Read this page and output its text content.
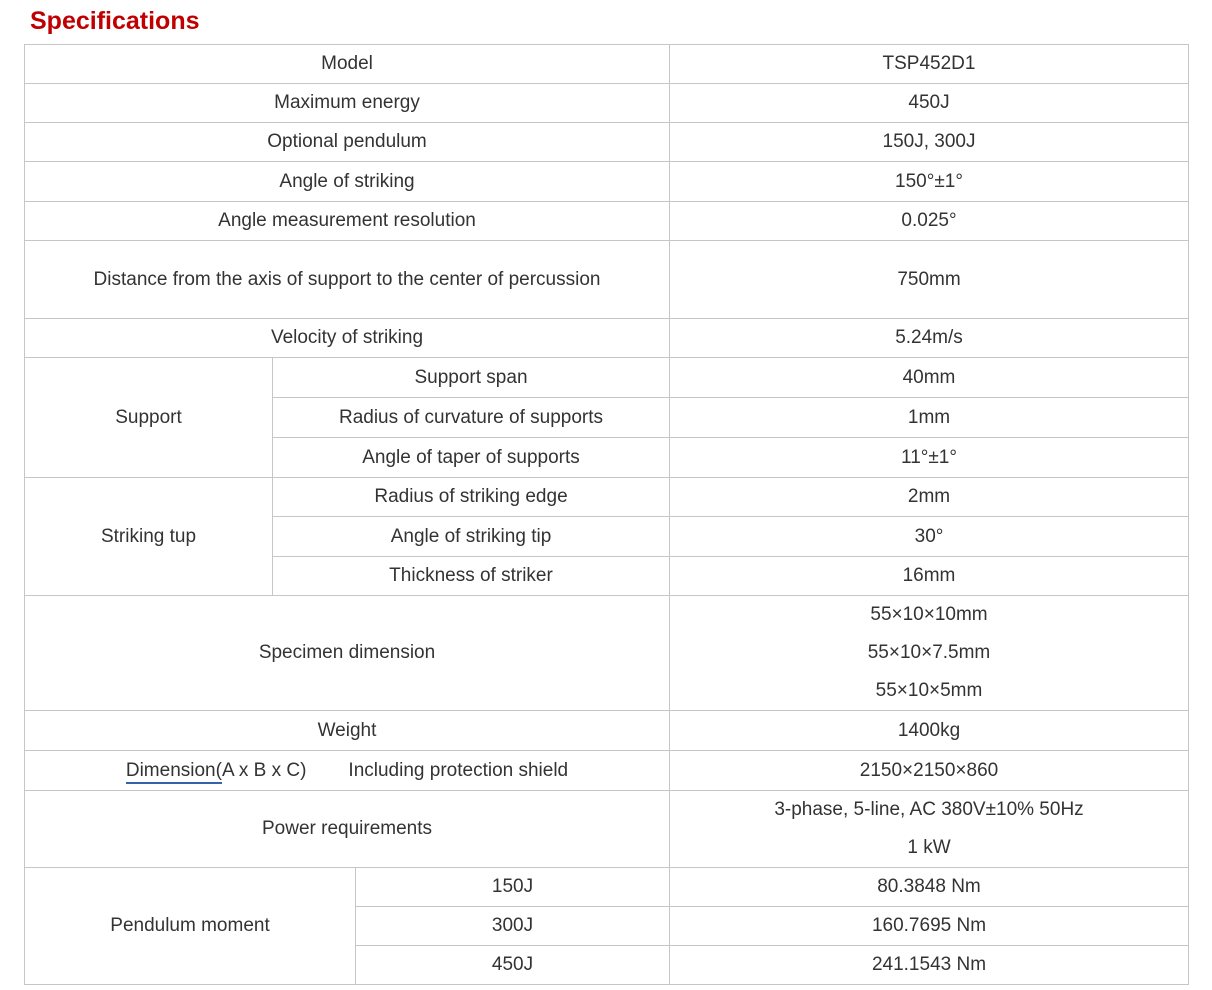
Specifications
Model			TSP452D1
Maximum energy			450J
Optional pendulum			150J, 300J
Angle of striking			150°±1°
Angle measurement resolution			0.025°

Distance from the axis of support to the center of percussion			750mm
Velocity of striking			5.24m/s
Support	Support span		40mm
	Radius of curvature of supports		1mm
	Angle of taper of supports		11°±1°
Striking tup	Radius of striking edge		2mm
	Angle of striking tip		30°
	Thickness of striker		16mm
Specimen dimension			55×10×10mm
55×10×7.5mm
55×10×5mm

Weight			1400kg
Dimension(A x B x C) Including protection shield			2150×2150×860
Power requirements			3-phase, 5-line, AC 380V±10% 50Hz
1 kW

Pendulum moment		150J	80.3848 Nm
		300J	160.7695 Nm
		450J	241.1543 Nm
